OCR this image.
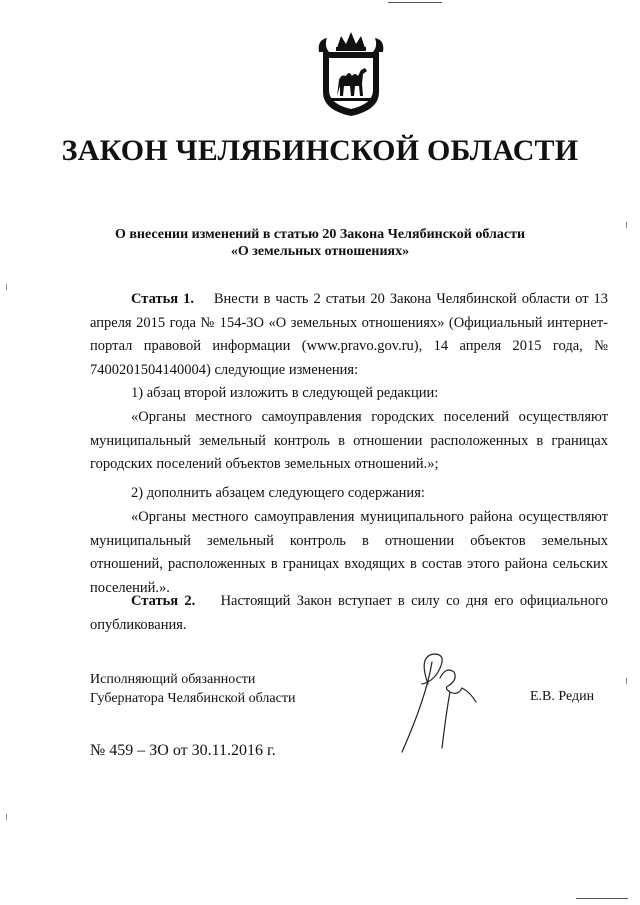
ЗАКОН ЧЕЛЯБИНСКОЙ ОБЛАСТИ
О внесении изменений в статью 20 Закона Челябинской области
«О земельных отношениях»
Статья 1. Внести в часть 2 статьи 20 Закона Челябинской области от 13 апреля 2015 года № 154-ЗО «О земельных отношениях» (Официальный интернет-портал правовой информации (www.pravo.gov.ru), 14 апреля 2015 года, № 7400201504140004) следующие изменения:
1) абзац второй изложить в следующей редакции:
«Органы местного самоуправления городских поселений осуществляют муниципальный земельный контроль в отношении расположенных в границах городских поселений объектов земельных отношений.»;
2) дополнить абзацем следующего содержания:
«Органы местного самоуправления муниципального района осуществляют муниципальный земельный контроль в отношении объектов земельных отношений, расположенных в границах входящих в состав этого района сельских поселений.».
Статья 2. Настоящий Закон вступает в силу со дня его официального опубликования.
Исполняющий обязанности
Губернатора Челябинской области	Е.В. Редин
№ 459 – ЗО от 30.11.2016 г.
